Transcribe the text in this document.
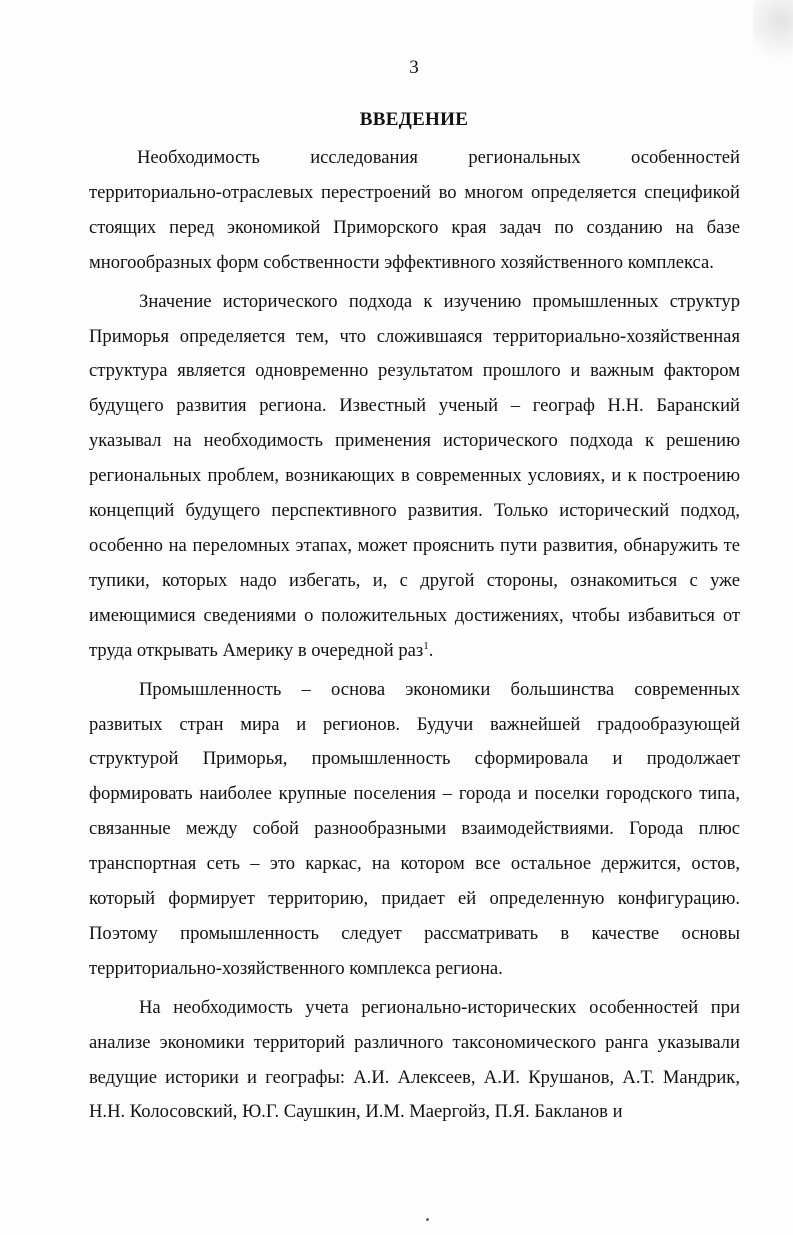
3
ВВЕДЕНИЕ

Необходимость исследования региональных особенностей территориально-отраслевых перестроений во многом определяется спецификой стоящих перед экономикой Приморского края задач по созданию на базе многообразных форм собственности эффективного хозяйственного комплекса.

Значение исторического подхода к изучению промышленных структур Приморья определяется тем, что сложившаяся территориально-хозяйственная структура является одновременно результатом прошлого и важным фактором будущего развития региона. Известный ученый – географ Н.Н. Баранский указывал на необходимость применения исторического подхода к решению региональных проблем, возникающих в современных условиях, и к построению концепций будущего перспективного развития. Только исторический подход, особенно на переломных этапах, может прояснить пути развития, обнаружить те тупики, которых надо избегать, и, с другой стороны, ознакомиться с уже имеющимися сведениями о положительных достижениях, чтобы избавиться от труда открывать Америку в очередной раз$^1$.

Промышленность – основа экономики большинства современных развитых стран мира и регионов. Будучи важнейшей градообразующей структурой Приморья, промышленность сформировала и продолжает формировать наиболее крупные поселения – города и поселки городского типа, связанные между собой разнообразными взаимодействиями. Города плюс транспортная сеть – это каркас, на котором все остальное держится, остов, который формирует территорию, придает ей определенную конфигурацию. Поэтому промышленность следует рассматривать в качестве основы территориально-хозяйственного комплекса региона.

На необходимость учета регионально-исторических особенностей при анализе экономики территорий различного таксономического ранга указывали ведущие историки и географы: А.И. Алексеев, А.И. Крушанов, А.Т. Мандрик, Н.Н. Колосовский, Ю.Г. Саушкин, И.М. Маергойз, П.Я. Бакланов и
